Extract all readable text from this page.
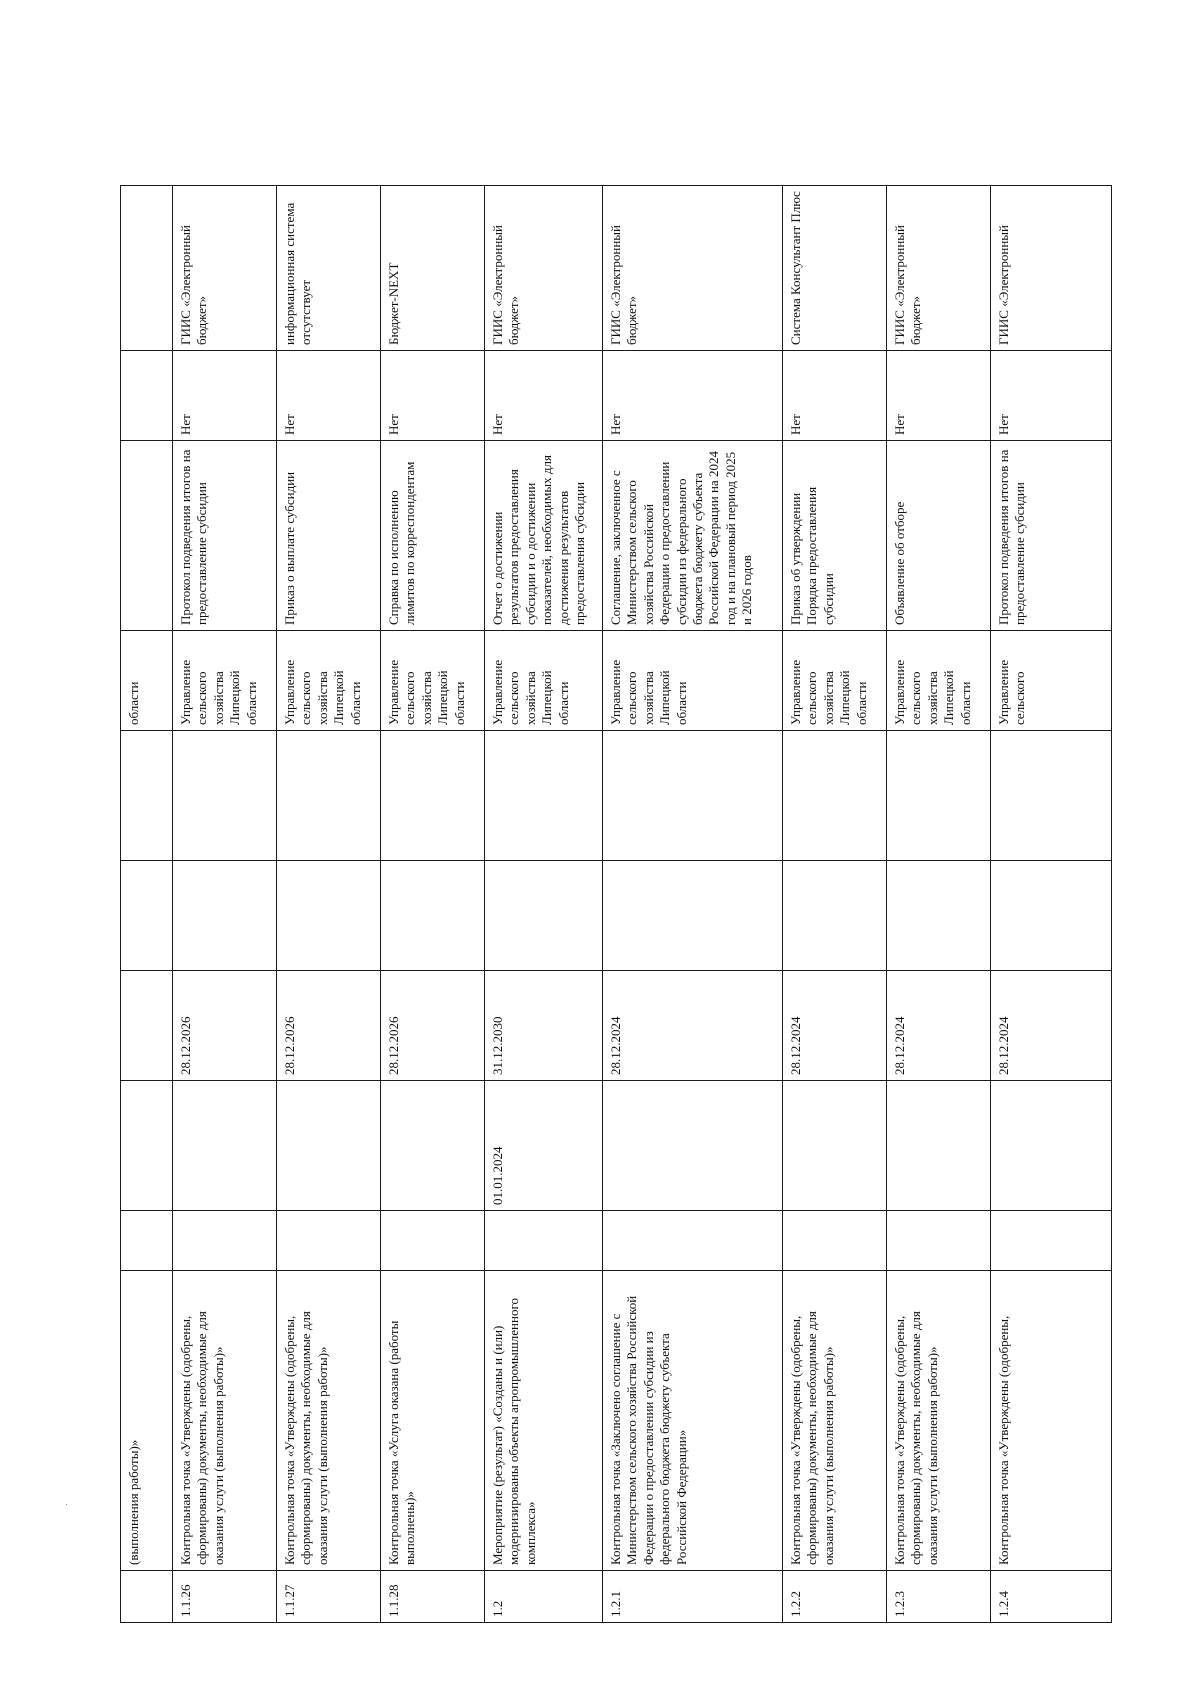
	(выполнения работы)»						области			
1.1.26	Контрольная точка «Утверждены (одобрены, сформированы) документы, необходимые для оказания услуги (выполнения работы)»			28.12.2026			Управление сельского хозяйства Липецкой области	Протокол подведения итогов на предоставление субсидии	Нет	ГИИС «Электронный бюджет»
1.1.27	Контрольная точка «Утверждены (одобрены, сформированы) документы, необходимые для оказания услуги (выполнения работы)»			28.12.2026			Управление сельского хозяйства Липецкой области	Приказ о выплате субсидии	Нет	информационная система отсутствует
1.1.28	Контрольная точка «Услуга оказана (работы выполнены)»			28.12.2026			Управление сельского хозяйства Липецкой области	Справка по исполнению лимитов по корреспондентам	Нет	Бюджет-NEXT
1.2	Мероприятие (результат) «Созданы и (или) модернизированы объекты агропромышленного комплекса»		01.01.2024	31.12.2030			Управление сельского хозяйства Липецкой области	Отчет о достижении результатов предоставления субсидии и о достижении показателей, необходимых для достижения результатов предоставления субсидии	Нет	ГИИС «Электронный бюджет»
1.2.1	Контрольная точка «Заключено соглашение с Министерством сельского хозяйства Российской Федерации о предоставлении субсидии из федерального бюджета бюджету субъекта Российской Федерации»			28.12.2024			Управление сельского хозяйства Липецкой области	Соглашение, заключенное с Министерством сельского хозяйства Российской Федерации о предоставлении субсидии из федерального бюджета бюджету субъекта Российской Федерации на 2024 год и на плановый период 2025 и 2026 годов	Нет	ГИИС «Электронный бюджет»
1.2.2	Контрольная точка «Утверждены (одобрены, сформированы) документы, необходимые для оказания услуги (выполнения работы)»			28.12.2024			Управление сельского хозяйства Липецкой области	Приказ об утверждении Порядка предоставления субсидии	Нет	Система Консультант Плюс
1.2.3	Контрольная точка «Утверждены (одобрены, сформированы) документы, необходимые для оказания услуги (выполнения работы)»			28.12.2024			Управление сельского хозяйства Липецкой области	Объявление об отборе	Нет	ГИИС «Электронный бюджет»
1.2.4	Контрольная точка «Утверждены (одобрены,			28.12.2024			Управление сельского	Протокол подведения итогов на предоставление субсидии	Нет	ГИИС «Электронный
